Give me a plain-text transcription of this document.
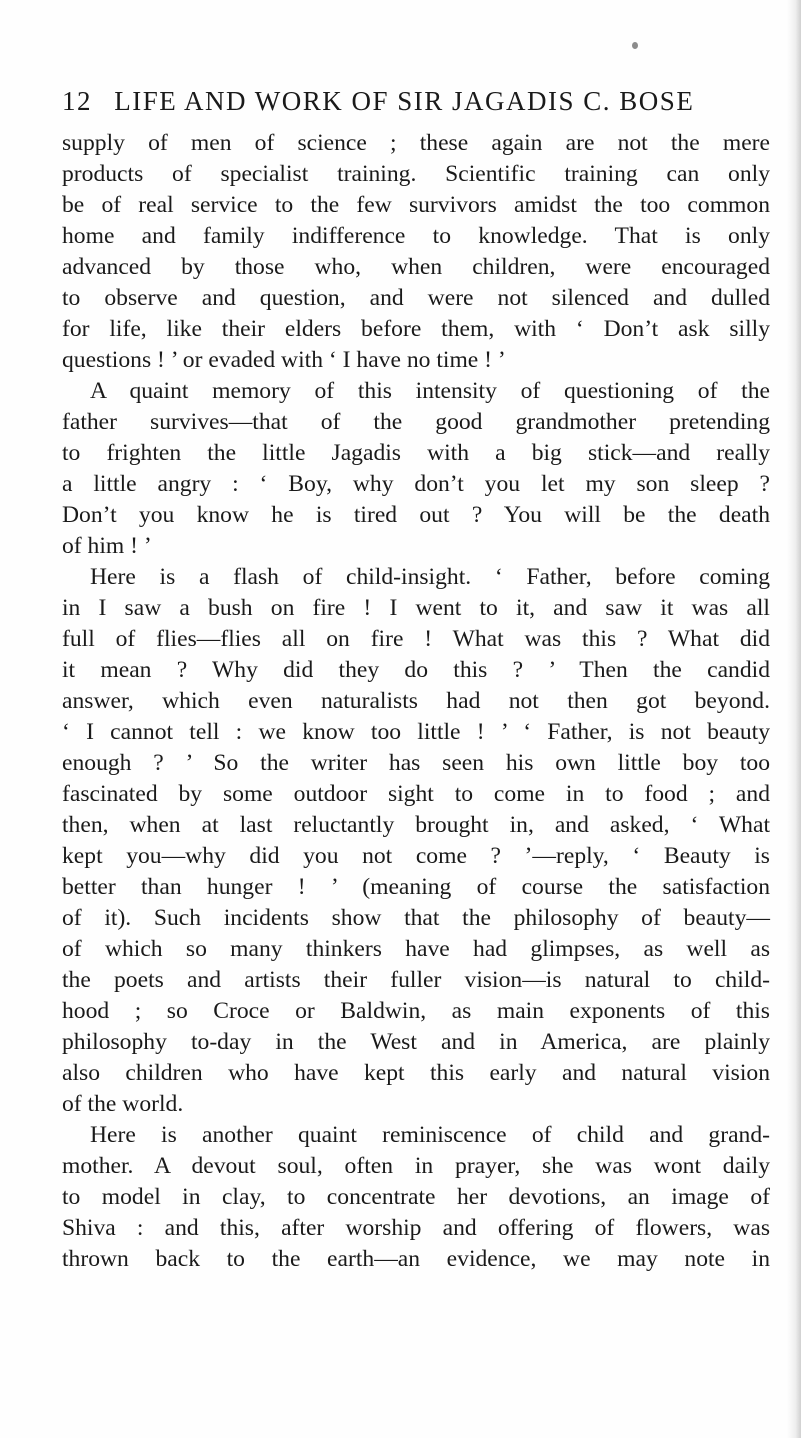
12 LIFE AND WORK OF SIR JAGADIS C. BOSE
supply of men of science ; these again are not the mere
products of specialist training. Scientific training can only
be of real service to the few survivors amidst the too common
home and family indifference to knowledge. That is only
advanced by those who, when children, were encouraged
to observe and question, and were not silenced and dulled
for life, like their elders before them, with ‘ Don’t ask silly
questions ! ’ or evaded with ‘ I have no time ! ’
A quaint memory of this intensity of questioning of the
father survives—that of the good grandmother pretending
to frighten the little Jagadis with a big stick—and really
a little angry : ‘ Boy, why don’t you let my son sleep ?
Don’t you know he is tired out ? You will be the death
of him ! ’
Here is a flash of child-insight. ‘ Father, before coming
in I saw a bush on fire ! I went to it, and saw it was all
full of flies—flies all on fire ! What was this ? What did
it mean ? Why did they do this ? ’ Then the candid
answer, which even naturalists had not then got beyond.
‘ I cannot tell : we know too little ! ’ ‘ Father, is not beauty
enough ? ’ So the writer has seen his own little boy too
fascinated by some outdoor sight to come in to food ; and
then, when at last reluctantly brought in, and asked, ‘ What
kept you—why did you not come ? ’—reply, ‘ Beauty is
better than hunger ! ’ (meaning of course the satisfaction
of it). Such incidents show that the philosophy of beauty—
of which so many thinkers have had glimpses, as well as
the poets and artists their fuller vision—is natural to child-
hood ; so Croce or Baldwin, as main exponents of this
philosophy to-day in the West and in America, are plainly
also children who have kept this early and natural vision
of the world.
Here is another quaint reminiscence of child and grand-
mother. A devout soul, often in prayer, she was wont daily
to model in clay, to concentrate her devotions, an image of
Shiva : and this, after worship and offering of flowers, was
thrown back to the earth—an evidence, we may note in
